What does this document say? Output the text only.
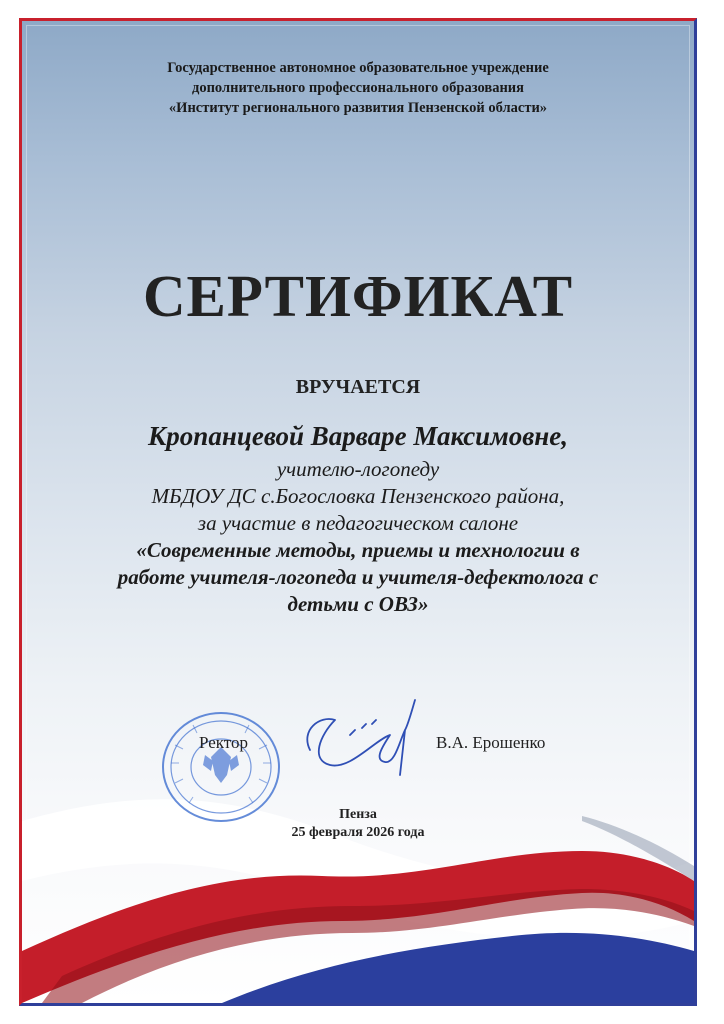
Государственное автономное образовательное учреждение
дополнительного профессионального образования
«Институт регионального развития Пензенской области»
СЕРТИФИКАТ
ВРУЧАЕТСЯ
Кропанцевой Варваре Максимовне,
учителю-логопеду
МБДОУ ДС с.Богословка Пензенского района,
за участие в педагогическом салоне
«Современные методы, приемы и технологии в
работе учителя-логопеда и учителя-дефектолога с
детьми с ОВЗ»
Ректор	В.А. Ерошенко
Пенза
25 февраля 2026 года
